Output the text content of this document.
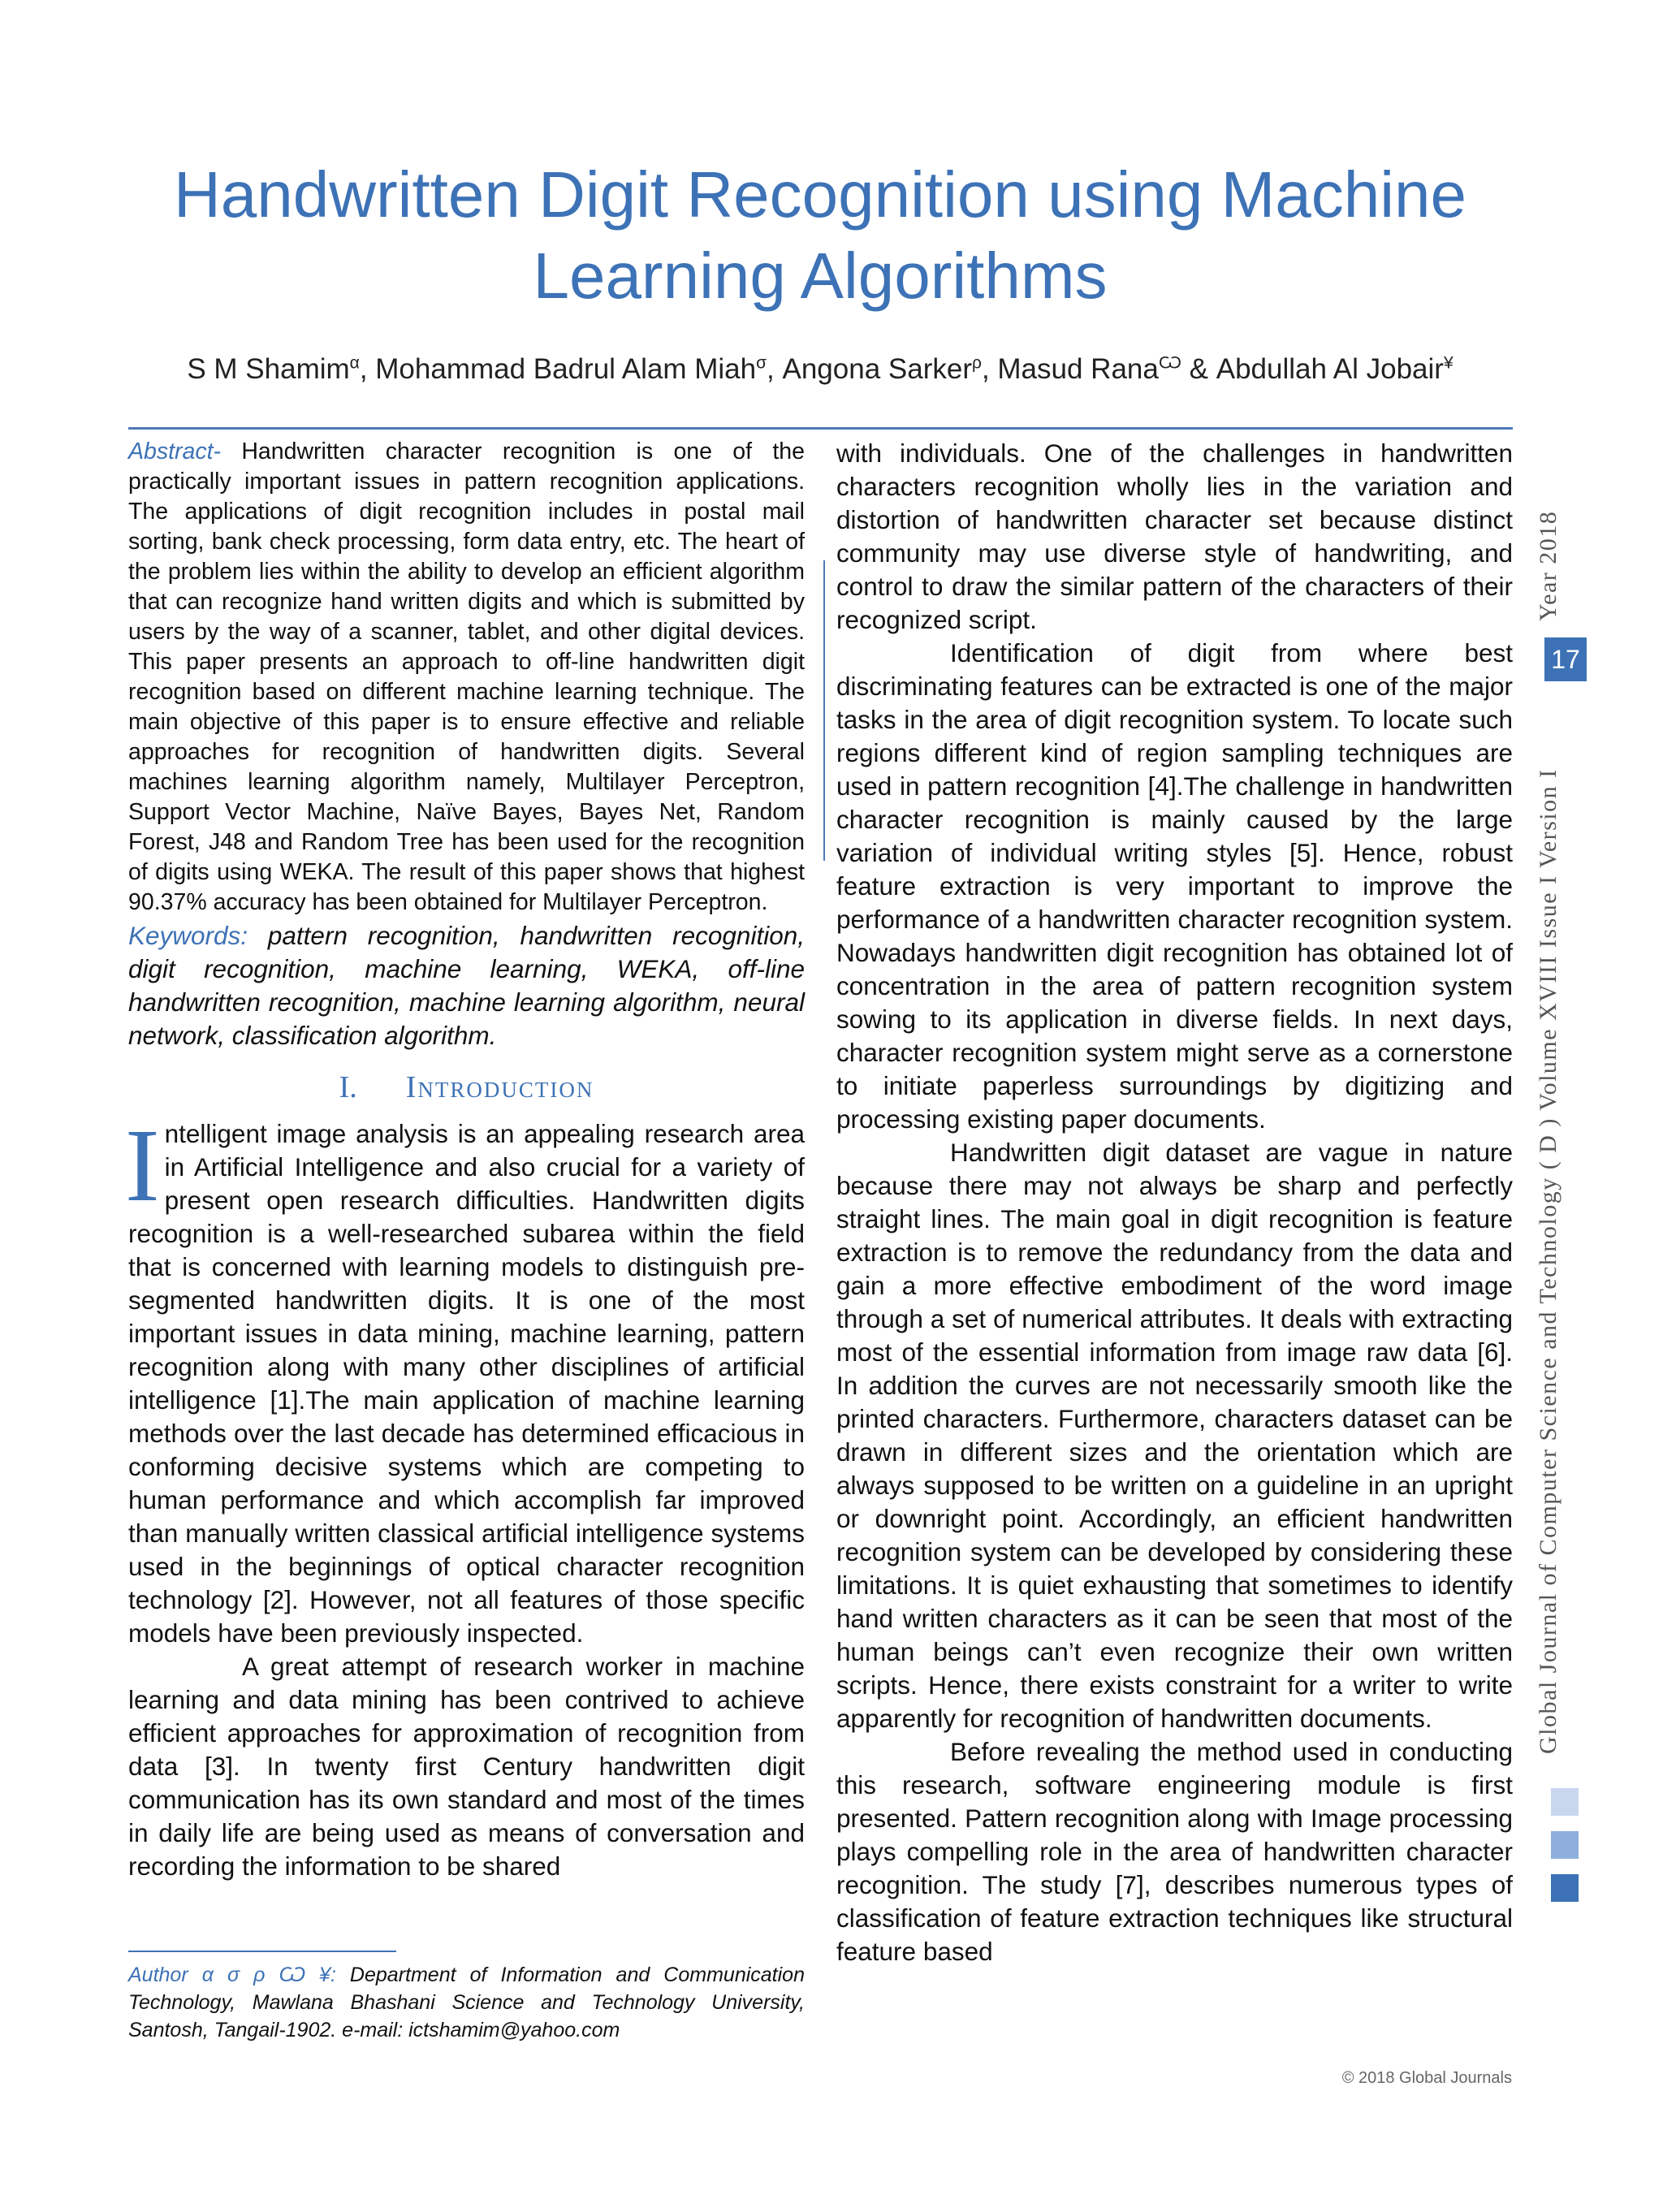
Handwritten Digit Recognition using Machine
Learning Algorithms
S M Shamim$^\alpha$, Mohammad Badrul Alam Miah$^\sigma$, Angona Sarker$^\rho$, Masud Rana$^Ѡ$ & Abdullah Al Jobair¥

Abstract- Handwritten character recognition is one of the practically important issues in pattern recognition applications. The applications of digit recognition includes in postal mail sorting, bank check processing, form data entry, etc. The heart of the problem lies within the ability to develop an efficient algorithm that can recognize hand written digits and which is submitted by users by the way of a scanner, tablet, and other digital devices. This paper presents an approach to off-line handwritten digit recognition based on different machine learning technique. The main objective of this paper is to ensure effective and reliable approaches for recognition of handwritten digits. Several machines learning algorithm namely, Multilayer Perceptron, Support Vector Machine, Naïve Bayes, Bayes Net, Random Forest, J48 and Random Tree has been used for the recognition of digits using WEKA. The result of this paper shows that highest 90.37% accuracy has been obtained for Multilayer Perceptron.

Keywords: pattern recognition, handwritten recognition, digit recognition, machine learning, WEKA, off-line handwritten recognition, machine learning algorithm, neural network, classification algorithm.

I. Introduction

Intelligent image analysis is an appealing research area in Artificial Intelligence and also crucial for a variety of present open research difficulties. Handwritten digits recognition is a well-researched subarea within the field that is concerned with learning models to distinguish pre-segmented handwritten digits. It is one of the most important issues in data mining, machine learning, pattern recognition along with many other disciplines of artificial intelligence [1].The main application of machine learning methods over the last decade has determined efficacious in conforming decisive systems which are competing to human performance and which accomplish far improved than manually written classical artificial intelligence systems used in the beginnings of optical character recognition technology [2]. However, not all features of those specific models have been previously inspected.

A great attempt of research worker in machine learning and data mining has been contrived to achieve efficient approaches for approximation of recognition from data [3]. In twenty first Century handwritten digit communication has its own standard and most of the times in daily life are being used as means of conversation and recording the information to be shared

with individuals. One of the challenges in handwritten characters recognition wholly lies in the variation and distortion of handwritten character set because distinct community may use diverse style of handwriting, and control to draw the similar pattern of the characters of their recognized script.

Identification of digit from where best discriminating features can be extracted is one of the major tasks in the area of digit recognition system. To locate such regions different kind of region sampling techniques are used in pattern recognition [4].The challenge in handwritten character recognition is mainly caused by the large variation of individual writing styles [5]. Hence, robust feature extraction is very important to improve the performance of a handwritten character recognition system. Nowadays handwritten digit recognition has obtained lot of concentration in the area of pattern recognition system sowing to its application in diverse fields. In next days, character recognition system might serve as a cornerstone to initiate paperless surroundings by digitizing and processing existing paper documents.

Handwritten digit dataset are vague in nature because there may not always be sharp and perfectly straight lines. The main goal in digit recognition is feature extraction is to remove the redundancy from the data and gain a more effective embodiment of the word image through a set of numerical attributes. It deals with extracting most of the essential information from image raw data [6]. In addition the curves are not necessarily smooth like the printed characters. Furthermore, characters dataset can be drawn in different sizes and the orientation which are always supposed to be written on a guideline in an upright or downright point. Accordingly, an efficient handwritten recognition system can be developed by considering these limitations. It is quiet exhausting that sometimes to identify hand written characters as it can be seen that most of the human beings can’t even recognize their own written scripts. Hence, there exists constraint for a writer to write apparently for recognition of handwritten documents.

Before revealing the method used in conducting this research, software engineering module is first presented. Pattern recognition along with Image processing plays compelling role in the area of handwritten character recognition. The study [7], describes numerous types of classification of feature extraction techniques like structural feature based

Author α σ ρ Ѡ ¥: Department of Information and Communication Technology, Mawlana Bhashani Science and Technology University, Santosh, Tangail-1902. e-mail: ictshamim@yahoo.com

Global Journal of Computer Science and Technology ( D ) Volume XVIII Issue I Version I
Year 2018
17
© 2018 Global Journals
